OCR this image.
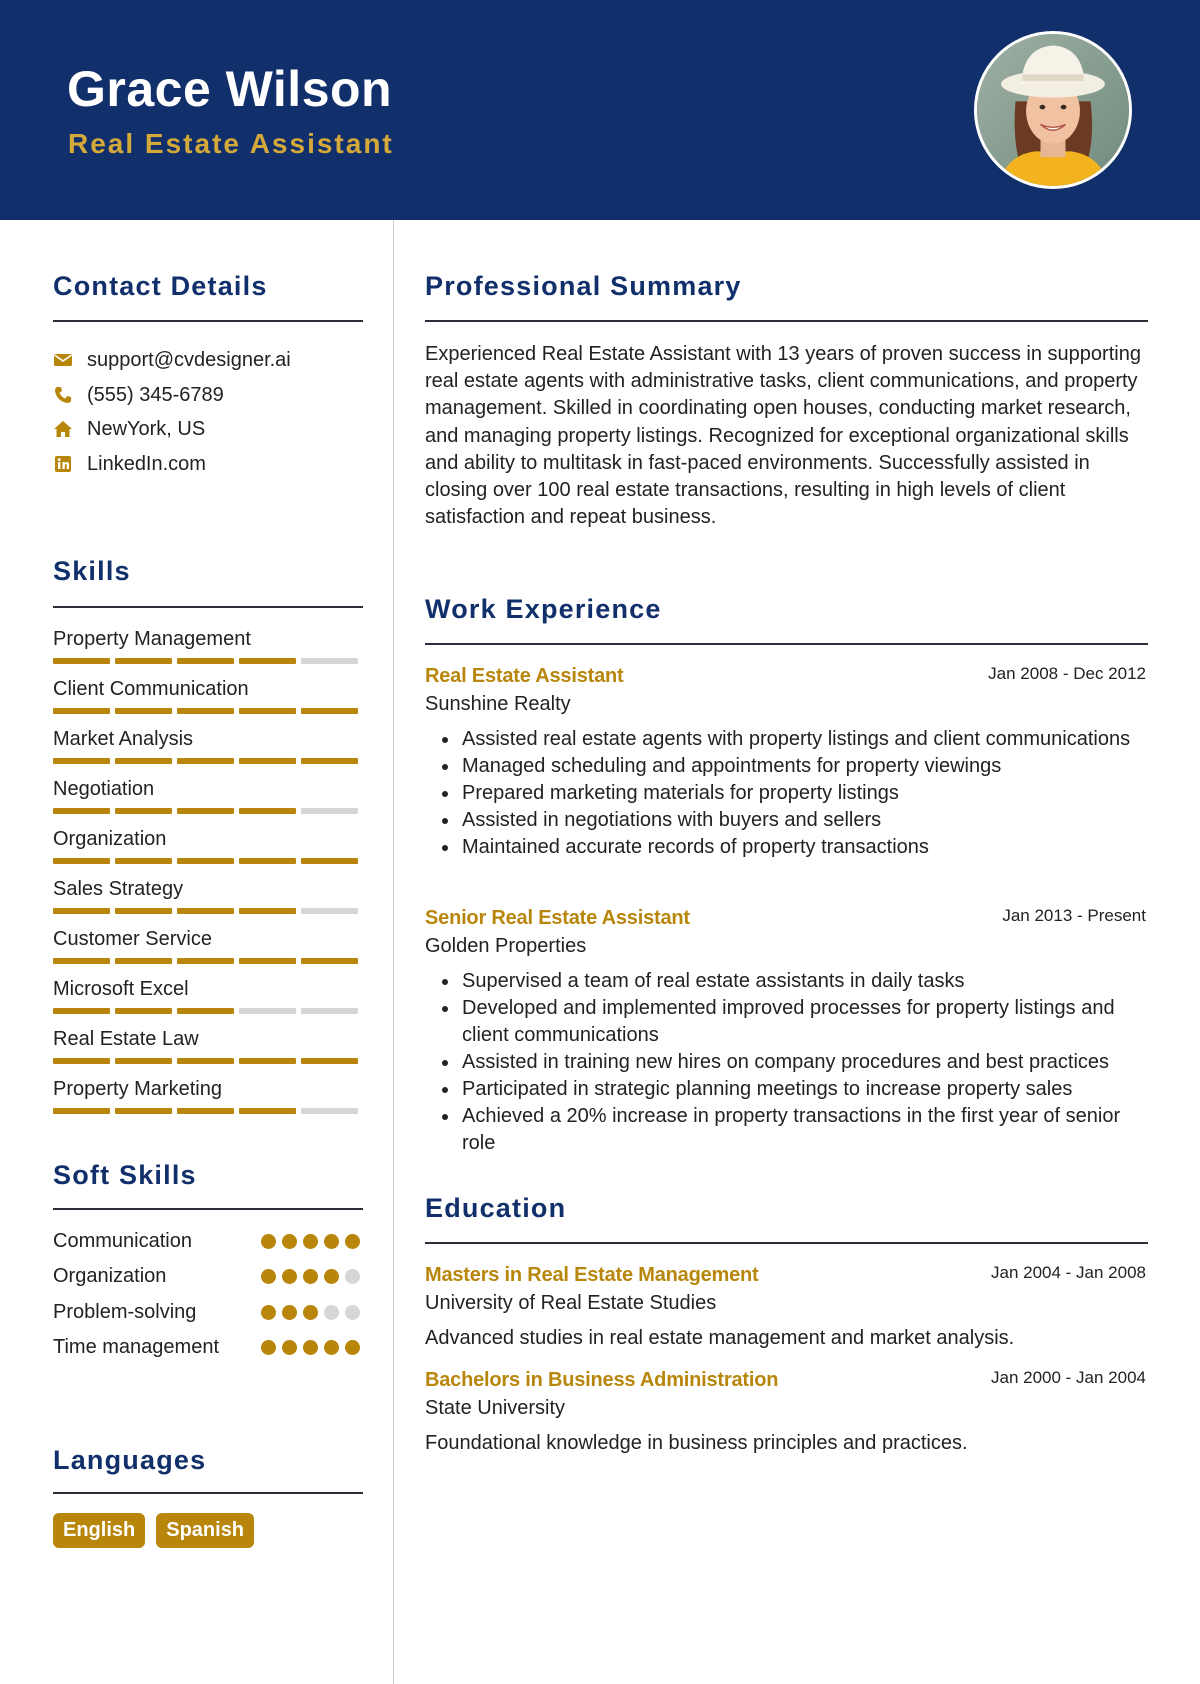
Grace Wilson
Real Estate Assistant
Contact Details
support@cvdesigner.ai
(555) 345-6789
NewYork, US
LinkedIn.com
Skills
Property Management
Client Communication
Market Analysis
Negotiation
Organization
Sales Strategy
Customer Service
Microsoft Excel
Real Estate Law
Property Marketing
Soft Skills
Communication
Organization
Problem-solving
Time management
Languages
English	Spanish
Professional Summary
Experienced Real Estate Assistant with 13 years of proven success in supporting real estate agents with administrative tasks, client communications, and property management. Skilled in coordinating open houses, conducting market research, and managing property listings. Recognized for exceptional organizational skills and ability to multitask in fast-paced environments. Successfully assisted in closing over 100 real estate transactions, resulting in high levels of client satisfaction and repeat business.
Work Experience
Real Estate Assistant	Jan 2008 - Dec 2012
Sunshine Realty
Assisted real estate agents with property listings and client communications
Managed scheduling and appointments for property viewings
Prepared marketing materials for property listings
Assisted in negotiations with buyers and sellers
Maintained accurate records of property transactions
Senior Real Estate Assistant	Jan 2013 - Present
Golden Properties
Supervised a team of real estate assistants in daily tasks
Developed and implemented improved processes for property listings and client communications
Assisted in training new hires on company procedures and best practices
Participated in strategic planning meetings to increase property sales
Achieved a 20% increase in property transactions in the first year of senior role
Education
Masters in Real Estate Management	Jan 2004 - Jan 2008
University of Real Estate Studies
Advanced studies in real estate management and market analysis.
Bachelors in Business Administration	Jan 2000 - Jan 2004
State University
Foundational knowledge in business principles and practices.
